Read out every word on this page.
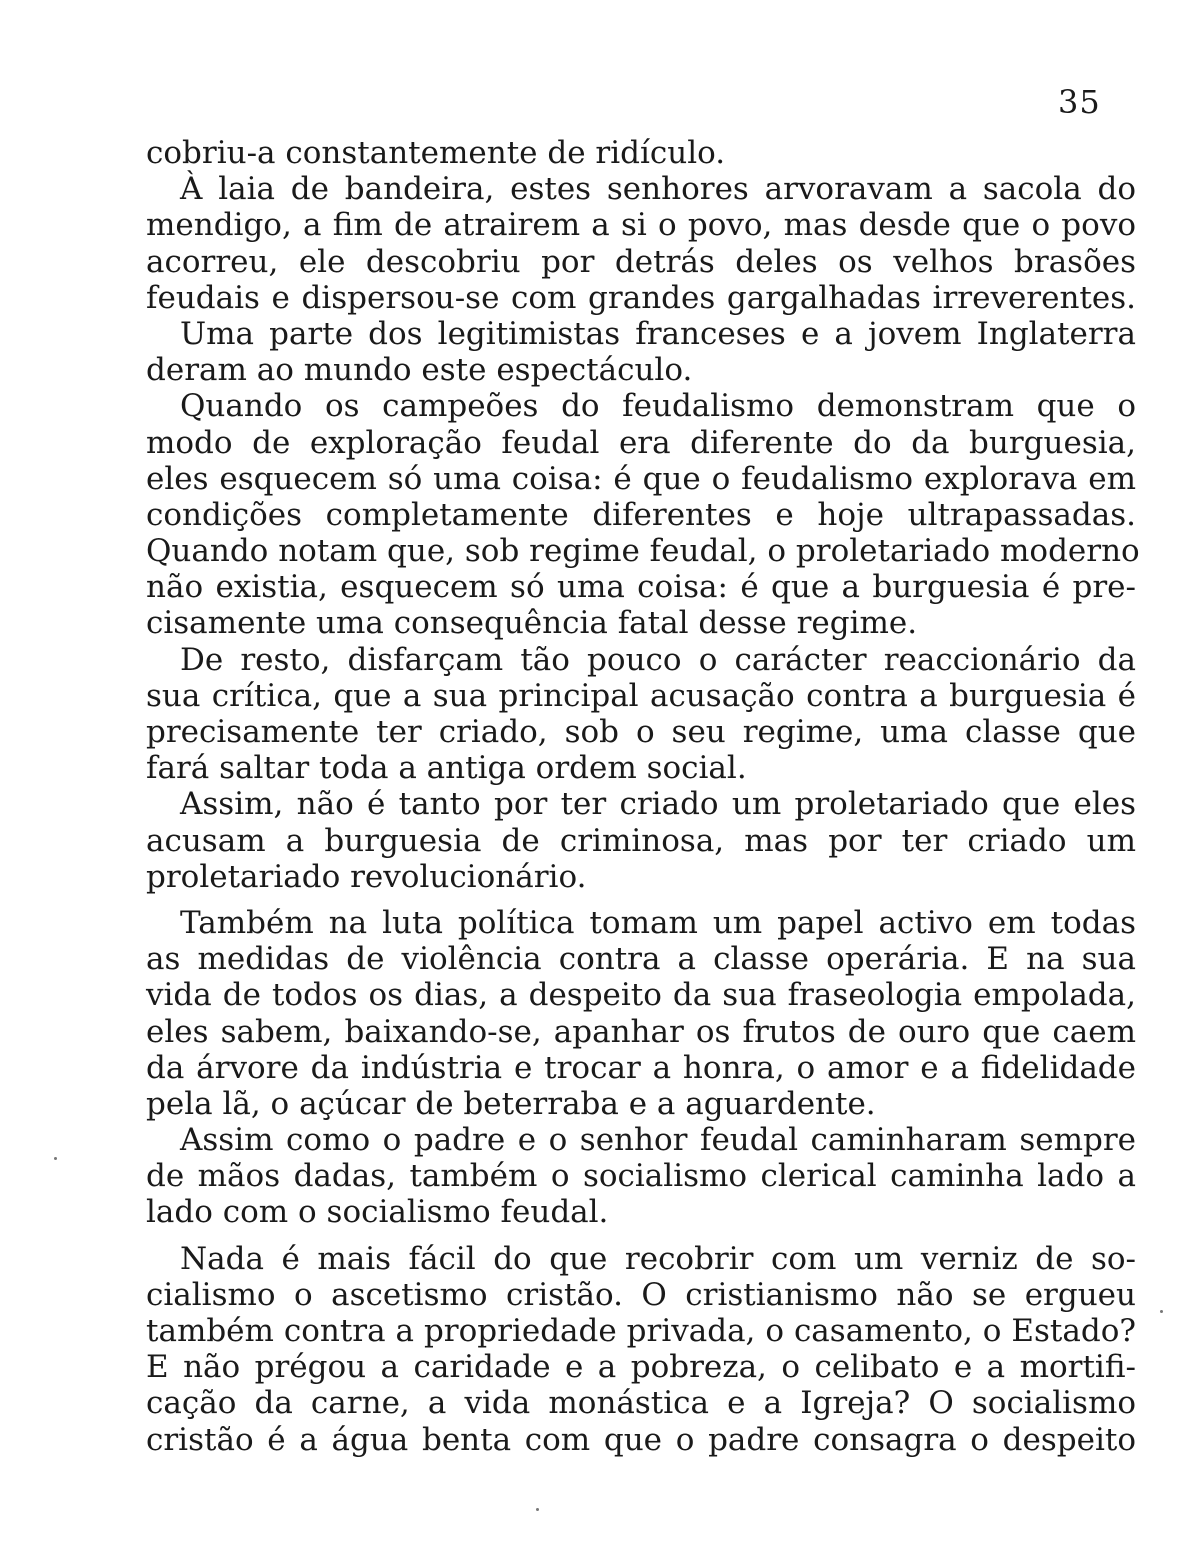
35
cobriu-a constantemente de ridículo.
À laia de bandeira, estes senhores arvoravam a sacola do
mendigo, a fim de atrairem a si o povo, mas desde que o povo
acorreu, ele descobriu por detrás deles os velhos brasões
feudais e dispersou-se com grandes gargalhadas irreverentes.
Uma parte dos legitimistas franceses e a jovem Inglaterra
deram ao mundo este espectáculo.
Quando os campeões do feudalismo demonstram que o
modo de exploração feudal era diferente do da burguesia,
eles esquecem só uma coisa: é que o feudalismo explorava em
condições completamente diferentes e hoje ultrapassadas.
Quando notam que, sob regime feudal, o proletariado moderno
não existia, esquecem só uma coisa: é que a burguesia é pre-
cisamente uma consequência fatal desse regime.
De resto, disfarçam tão pouco o carácter reaccionário da
sua crítica, que a sua principal acusação contra a burguesia é
precisamente ter criado, sob o seu regime, uma classe que
fará saltar toda a antiga ordem social.
Assim, não é tanto por ter criado um proletariado que eles
acusam a burguesia de criminosa, mas por ter criado um
proletariado revolucionário.
Também na luta política tomam um papel activo em todas
as medidas de violência contra a classe operária. E na sua
vida de todos os dias, a despeito da sua fraseologia empolada,
eles sabem, baixando-se, apanhar os frutos de ouro que caem
da árvore da indústria e trocar a honra, o amor e a fidelidade
pela lã, o açúcar de beterraba e a aguardente.
Assim como o padre e o senhor feudal caminharam sempre
de mãos dadas, também o socialismo clerical caminha lado a
lado com o socialismo feudal.
Nada é mais fácil do que recobrir com um verniz de so-
cialismo o ascetismo cristão. O cristianismo não se ergueu
também contra a propriedade privada, o casamento, o Estado?
E não prégou a caridade e a pobreza, o celibato e a mortifi-
cação da carne, a vida monástica e a Igreja? O socialismo
cristão é a água benta com que o padre consagra o despeito
